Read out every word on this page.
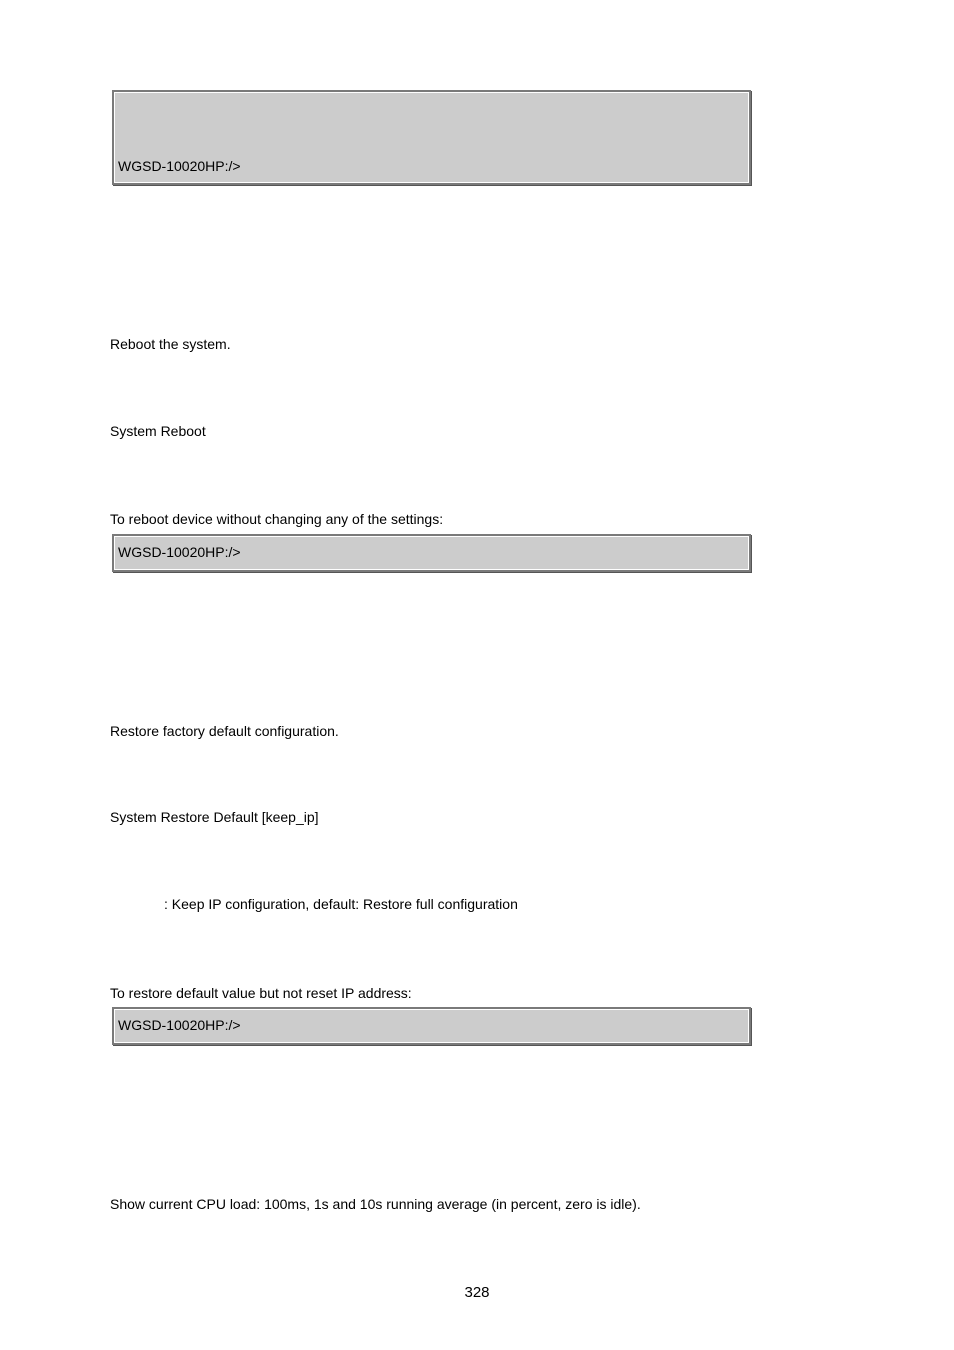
WGSD-10020HP:/>
Reboot the system.
System Reboot
To reboot device without changing any of the settings:
WGSD-10020HP:/>
Restore factory default configuration.
System Restore Default [keep_ip]
: Keep IP configuration, default: Restore full configuration
To restore default value but not reset IP address:
WGSD-10020HP:/>
Show current CPU load: 100ms, 1s and 10s running average (in percent, zero is idle).
328
